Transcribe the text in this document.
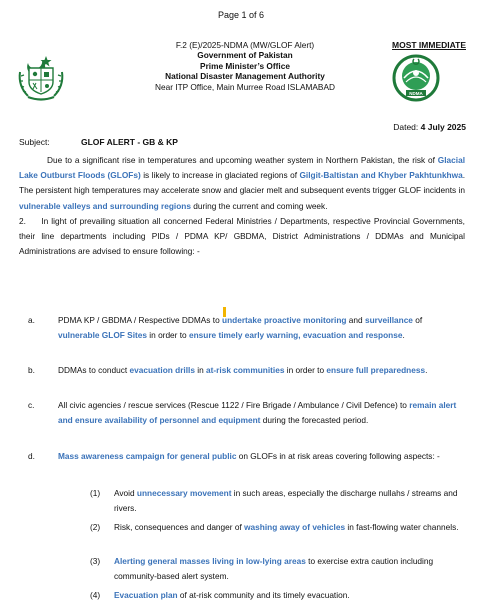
Page 1 of 6
F.2 (E)/2025-NDMA (MW/GLOF Alert)
Government of Pakistan
Prime Minister’s Office
National Disaster Management Authority
Near ITP Office, Main Murree Road ISLAMABAD
MOST IMMEDIATE
NDMA
Dated: 4 July 2025
Subject:	GLOF ALERT - GB & KP

Due to a significant rise in temperatures and upcoming weather system in Northern Pakistan, the risk of Glacial Lake Outburst Floods (GLOFs) is likely to increase in glaciated regions of Gilgit-Baltistan and Khyber Pakhtunkhwa. The persistent high temperatures may accelerate snow and glacier melt and subsequent events trigger GLOF incidents in vulnerable valleys and surrounding regions during the current and coming week.

2.     In light of prevailing situation all concerned Federal Ministries / Departments, respective Provincial Governments, their line departments including PIDs / PDMA KP/ GBDMA, District Administrations / DDMAs and Municipal Administrations are advised to ensure following: -

a.	PDMA KP / GBDMA / Respective DDMAs to undertake proactive monitoring and surveillance of vulnerable GLOF Sites in order to ensure timely early warning, evacuation and response.
b.	DDMAs to conduct evacuation drills in at-risk communities in order to ensure full preparedness.
c.	All civic agencies / rescue services (Rescue 1122 / Fire Brigade / Ambulance / Civil Defence) to remain alert and ensure availability of personnel and equipment during the forecasted period.
d.	Mass awareness campaign for general public on GLOFs in at risk areas covering following aspects: -
(1) Avoid unnecessary movement in such areas, especially the discharge nullahs / streams and rivers.
(2) Risk, consequences and danger of washing away of vehicles in fast-flowing water channels.
(3) Alerting general masses living in low-lying areas to exercise extra caution including community-based alert system.
(4) Evacuation plan of at-risk community and its timely evacuation.
